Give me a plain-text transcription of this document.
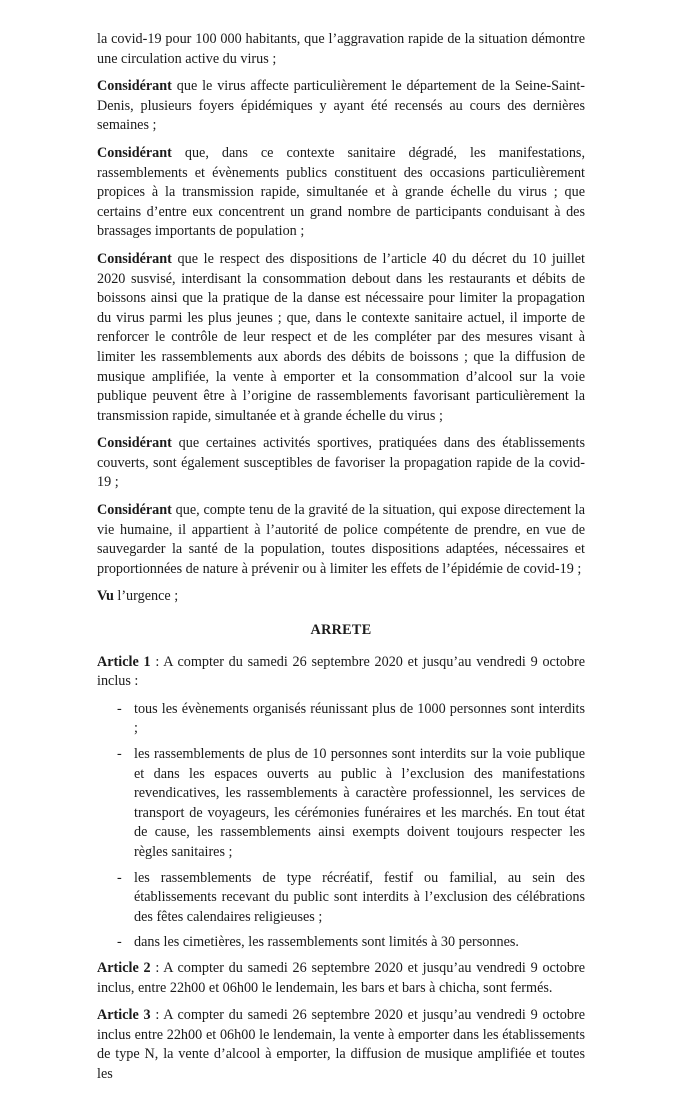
la covid-19 pour 100 000 habitants, que l’aggravation rapide de la situation démontre une circulation active du virus ;

Considérant que le virus affecte particulièrement le département de la Seine-Saint-Denis, plusieurs foyers épidémiques y ayant été recensés au cours des dernières semaines ;

Considérant que, dans ce contexte sanitaire dégradé, les manifestations, rassemblements et évènements publics constituent des occasions particulièrement propices à la transmission rapide, simultanée et à grande échelle du virus ; que certains d’entre eux concentrent un grand nombre de participants conduisant à des brassages importants de population ;

Considérant que le respect des dispositions de l’article 40 du décret du 10 juillet 2020 susvisé, interdisant la consommation debout dans les restaurants et débits de boissons ainsi que la pratique de la danse est nécessaire pour limiter la propagation du virus parmi les plus jeunes ; que, dans le contexte sanitaire actuel, il importe de renforcer le contrôle de leur respect et de les compléter par des mesures visant à limiter les rassemblements aux abords des débits de boissons ; que la diffusion de musique amplifiée, la vente à emporter et la consommation d’alcool sur la voie publique peuvent être à l’origine de rassemblements favorisant particulièrement la transmission rapide, simultanée et à grande échelle du virus ;

Considérant que certaines activités sportives, pratiquées dans des établissements couverts, sont également susceptibles de favoriser la propagation rapide de la covid-19 ;

Considérant que, compte tenu de la gravité de la situation, qui expose directement la vie humaine, il appartient à l’autorité de police compétente de prendre, en vue de sauvegarder la santé de la population, toutes dispositions adaptées, nécessaires et proportionnées de nature à prévenir ou à limiter les effets de l’épidémie de covid-19 ;

Vu l’urgence ;

ARRETE

Article 1 : A compter du samedi 26 septembre 2020 et jusqu’au vendredi 9 octobre inclus :

- tous les évènements organisés réunissant plus de 1000 personnes sont interdits ;
- les rassemblements de plus de 10 personnes sont interdits sur la voie publique et dans les espaces ouverts au public à l’exclusion des manifestations revendicatives, les rassemblements à caractère professionnel, les services de transport de voyageurs, les cérémonies funéraires et les marchés. En tout état de cause, les rassemblements ainsi exempts doivent toujours respecter les règles sanitaires ;
- les rassemblements de type récréatif, festif ou familial, au sein des établissements recevant du public sont interdits à l’exclusion des célébrations des fêtes calendaires religieuses ;
- dans les cimetières, les rassemblements sont limités à 30 personnes.

Article 2 : A compter du samedi 26 septembre 2020 et jusqu’au vendredi 9 octobre inclus, entre 22h00 et 06h00 le lendemain, les bars et bars à chicha, sont fermés.

Article 3 : A compter du samedi 26 septembre 2020 et jusqu’au vendredi 9 octobre inclus entre 22h00 et 06h00 le lendemain, la vente à emporter dans les établissements de type N, la vente d’alcool à emporter, la diffusion de musique amplifiée et toutes les
